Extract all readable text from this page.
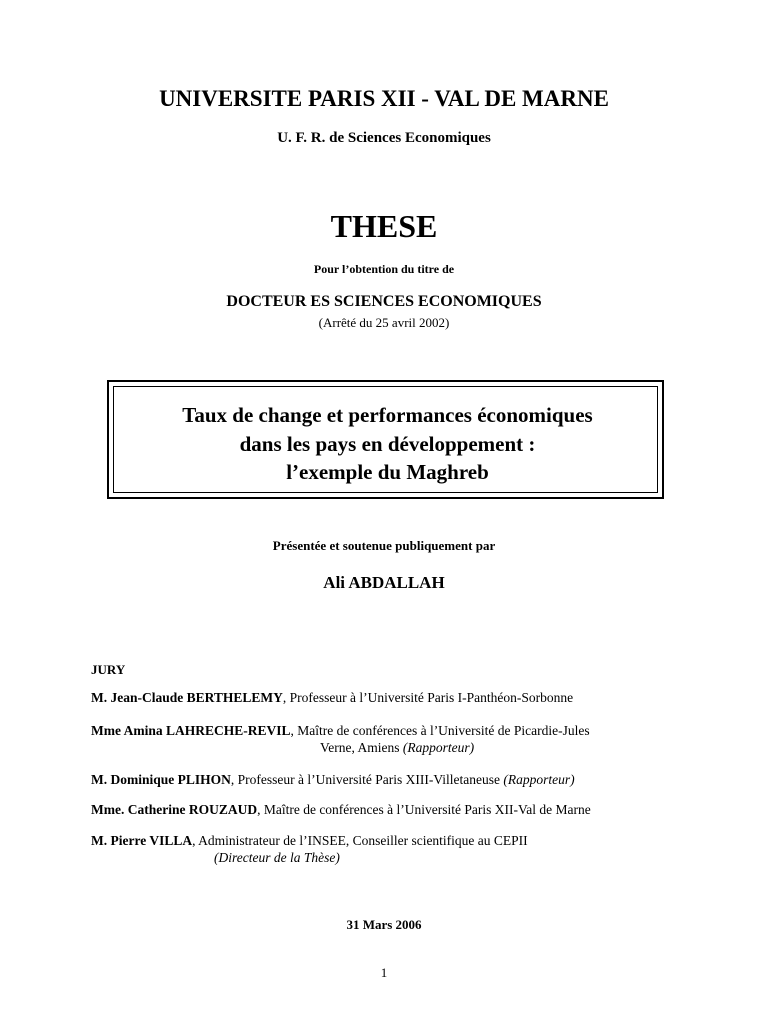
UNIVERSITE PARIS XII - VAL DE MARNE
U. F. R. de Sciences Economiques
THESE
Pour l’obtention du titre de
DOCTEUR ES SCIENCES ECONOMIQUES
(Arrêté du 25 avril 2002)
Taux de change et performances économiques
dans les pays en développement :
l’exemple du Maghreb
Présentée et soutenue publiquement par
Ali ABDALLAH
JURY
M. Jean-Claude BERTHELEMY, Professeur à l’Université Paris I-Panthéon-Sorbonne
Mme Amina LAHRECHE-REVIL, Maître de conférences à l’Université de Picardie-Jules
Verne, Amiens (Rapporteur)
M. Dominique PLIHON, Professeur à l’Université Paris XIII-Villetaneuse (Rapporteur)
Mme. Catherine ROUZAUD, Maître de conférences à l’Université Paris XII-Val de Marne
M. Pierre VILLA, Administrateur de l’INSEE, Conseiller scientifique au CEPII
(Directeur de la Thèse)
31 Mars 2006
1
